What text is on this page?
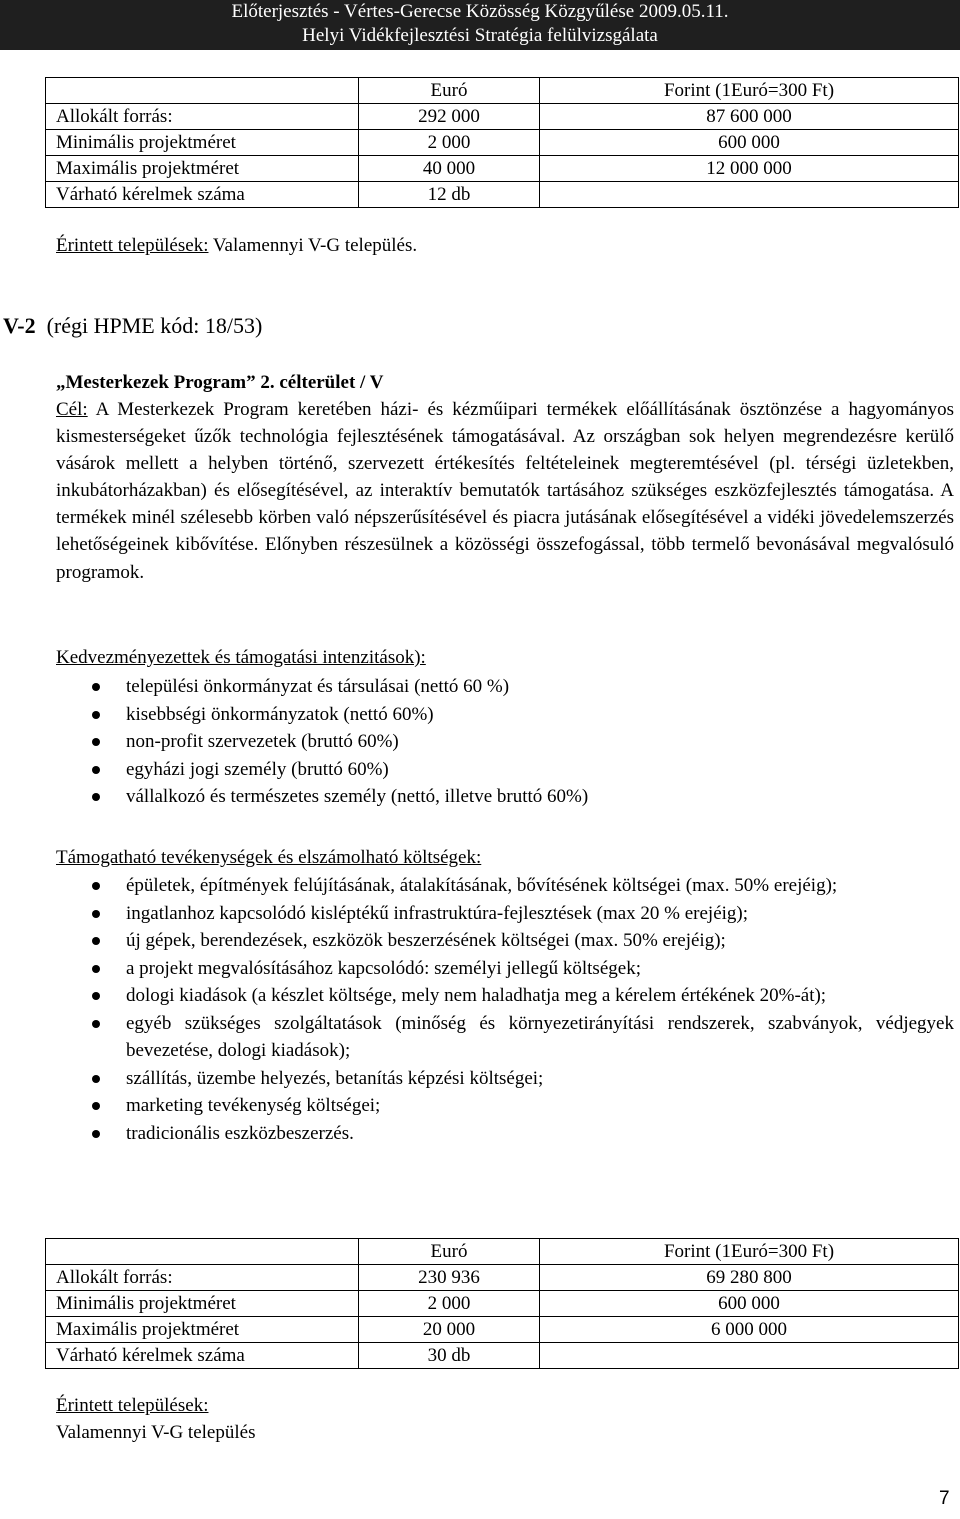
Előterjesztés - Vértes-Gerecse Közösség Közgyűlése 2009.05.11.
Helyi Vidékfejlesztési Stratégia felülvizsgálata
	Euró	Forint (1Euró=300 Ft)
Allokált forrás:	292 000	87 600 000
Minimális projektméret	2 000	600 000
Maximális projektméret	40 000	12 000 000
Várható kérelmek száma	12 db	
Érintett települések: Valamennyi V-G település.
V-2 (régi HPME kód: 18/53)
„Mesterkezek Program” 2. célterület / V
Cél: A Mesterkezek Program keretében házi- és kézműipari termékek előállításának ösztönzése a hagyományos kismesterségeket űzők technológia fejlesztésének támogatásával. Az országban sok helyen megrendezésre kerülő vásárok mellett a helyben történő, szervezett értékesítés feltételeinek megteremtésével (pl. térségi üzletekben, inkubátorházakban) és elősegítésével, az interaktív bemutatók tartásához szükséges eszközfejlesztés támogatása. A termékek minél szélesebb körben való népszerűsítésével és piacra jutásának elősegítésével a vidéki jövedelemszerzés lehetőségeinek kibővítése. Előnyben részesülnek a közösségi összefogással, több termelő bevonásával megvalósuló programok.
Kedvezményezettek és támogatási intenzitások):
települési önkormányzat és társulásai (nettó 60 %)
kisebbségi önkormányzatok (nettó 60%)
non-profit szervezetek (bruttó 60%)
egyházi jogi személy (bruttó 60%)
vállalkozó és természetes személy (nettó, illetve bruttó 60%)
Támogatható tevékenységek és elszámolható költségek:
épületek, építmények felújításának, átalakításának, bővítésének költségei (max. 50% erejéig);
ingatlanhoz kapcsolódó kisléptékű infrastruktúra-fejlesztések (max 20 % erejéig);
új gépek, berendezések, eszközök beszerzésének költségei (max. 50% erejéig);
a projekt megvalósításához kapcsolódó: személyi jellegű költségek;
dologi kiadások (a készlet költsége, mely nem haladhatja meg a kérelem értékének 20%-át);
egyéb szükséges szolgáltatások (minőség és környezetirányítási rendszerek, szabványok, védjegyek bevezetése, dologi kiadások);
szállítás, üzembe helyezés, betanítás képzési költségei;
marketing tevékenység költségei;
tradicionális eszközbeszerzés.
	Euró	Forint (1Euró=300 Ft)
Allokált forrás:	230 936	69 280 800
Minimális projektméret	2 000	600 000
Maximális projektméret	20 000	6 000 000
Várható kérelmek száma	30 db	
Érintett települések:
Valamennyi V-G település
7
